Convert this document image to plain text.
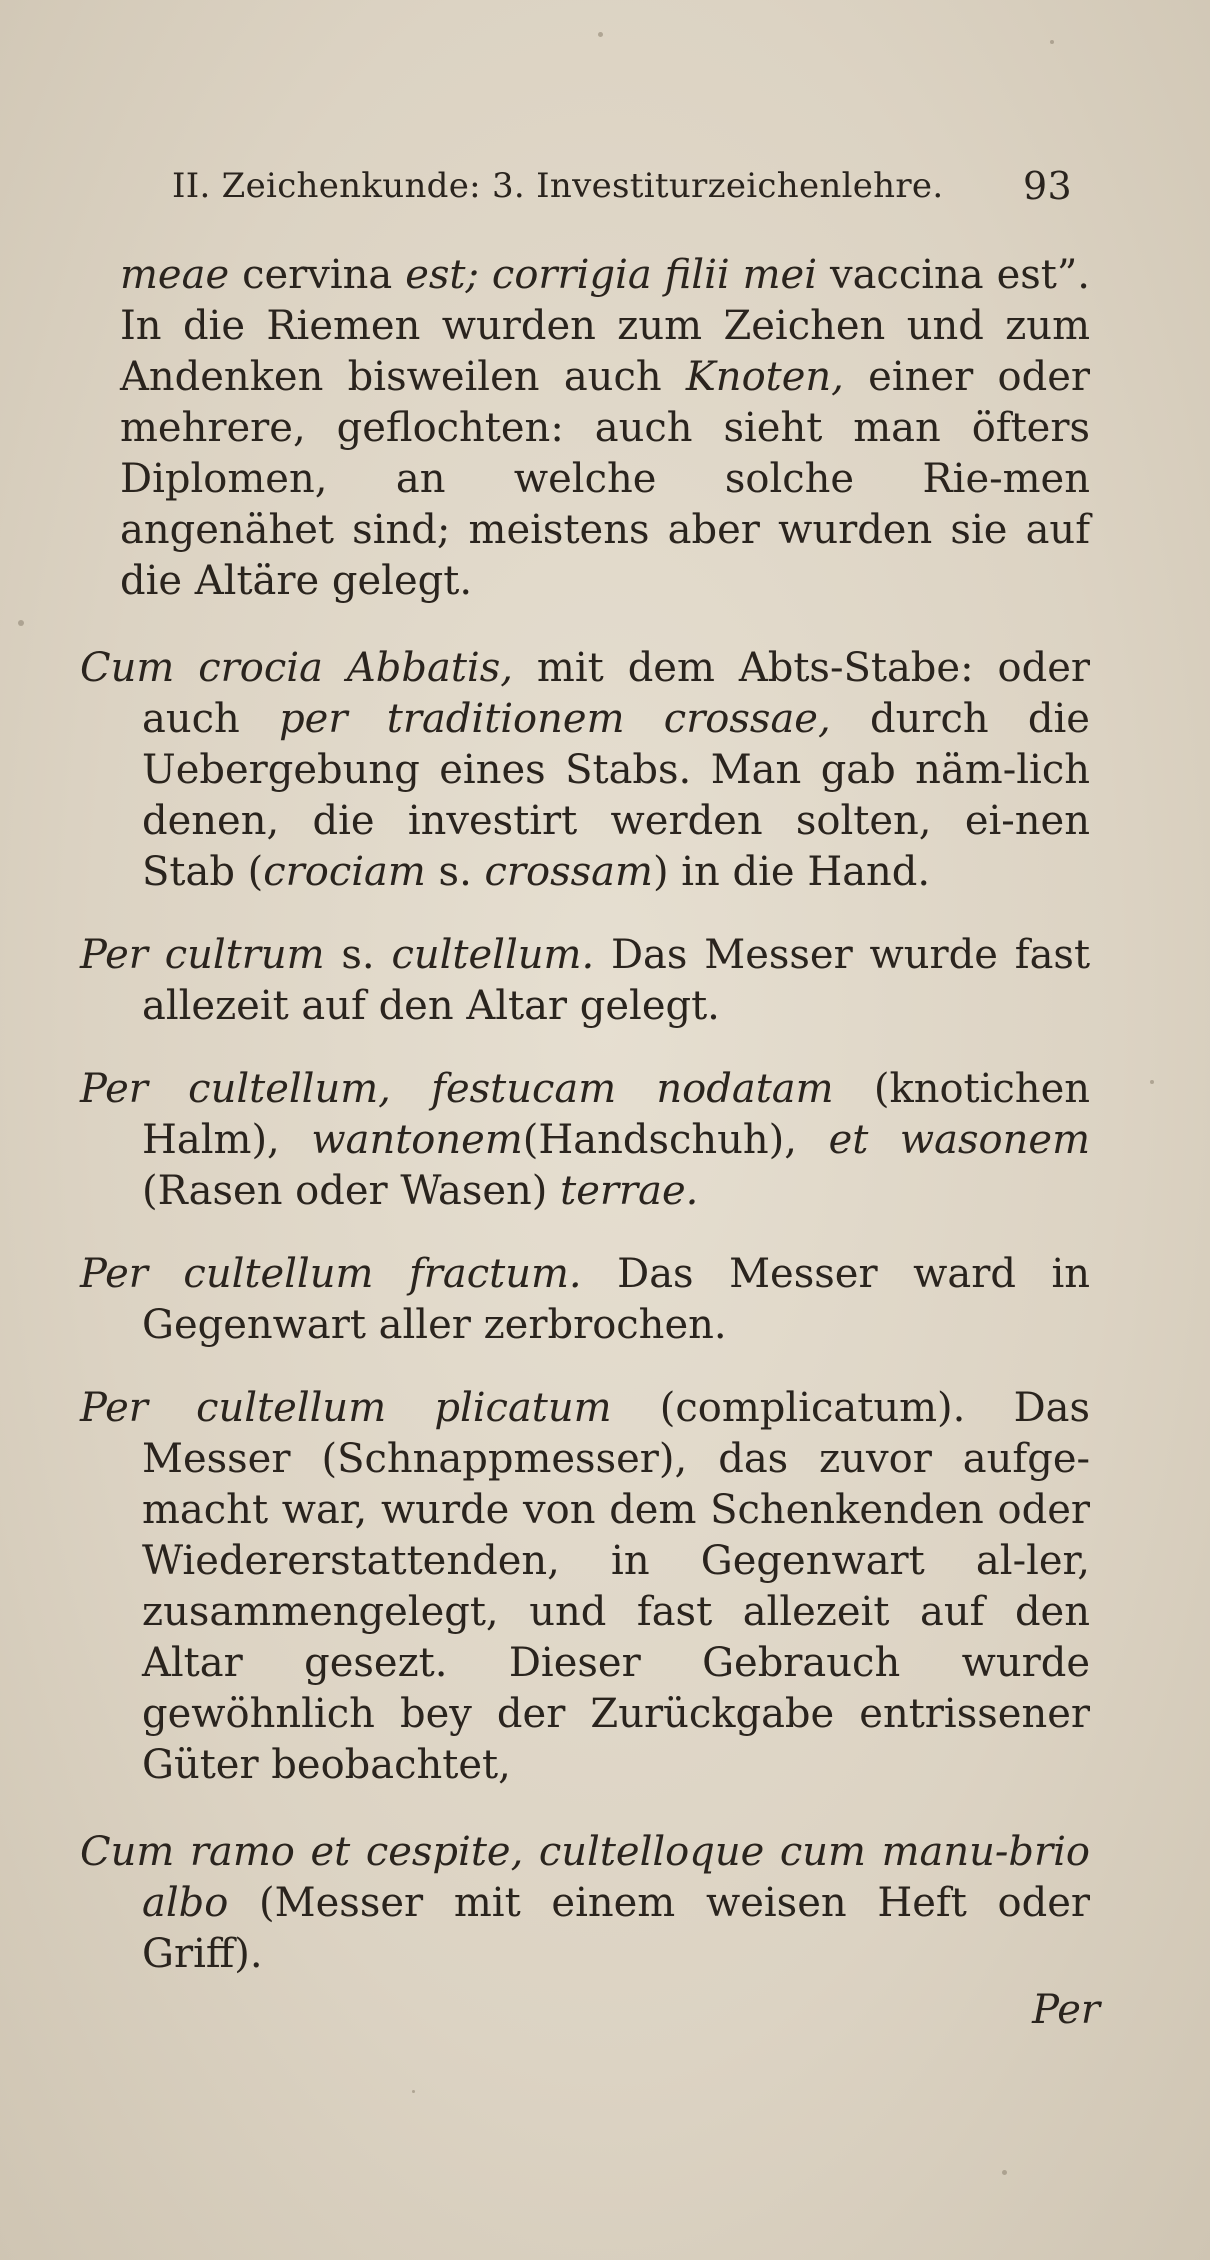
II. Zeichenkunde: 3. Investiturzeichenlehre. 93

meae cervina est; corrigia filii mei vaccina est”. In die Riemen wurden zum Zeichen und zum Andenken bisweilen auch Knoten, einer oder mehrere, geflochten: auch sieht man öfters Diplomen, an welche solche Rie-men angenähet sind; meistens aber wurden sie auf die Altäre gelegt.

Cum crocia Abbatis, mit dem Abts-Stabe: oder auch per traditionem crossae, durch die Uebergebung eines Stabs. Man gab näm-lich denen, die investirt werden solten, ei-nen Stab (crociam s. crossam) in die Hand.

Per cultrum s. cultellum. Das Messer wurde fast allezeit auf den Altar gelegt.

Per cultellum, festucam nodatam (knotichen Halm), wantonem(Handschuh), et wasonem (Rasen oder Wasen) terrae.

Per cultellum fractum. Das Messer ward in Gegenwart aller zerbrochen.

Per cultellum plicatum (complicatum). Das Messer (Schnappmesser), das zuvor aufge-macht war, wurde von dem Schenkenden oder Wiedererstattenden, in Gegenwart al-ler, zusammengelegt, und fast allezeit auf den Altar gesezt. Dieser Gebrauch wurde gewöhnlich bey der Zurückgabe entrissener Güter beobachtet,

Cum ramo et cespite, cultelloque cum manu-brio albo (Messer mit einem weisen Heft oder Griff).

Per
